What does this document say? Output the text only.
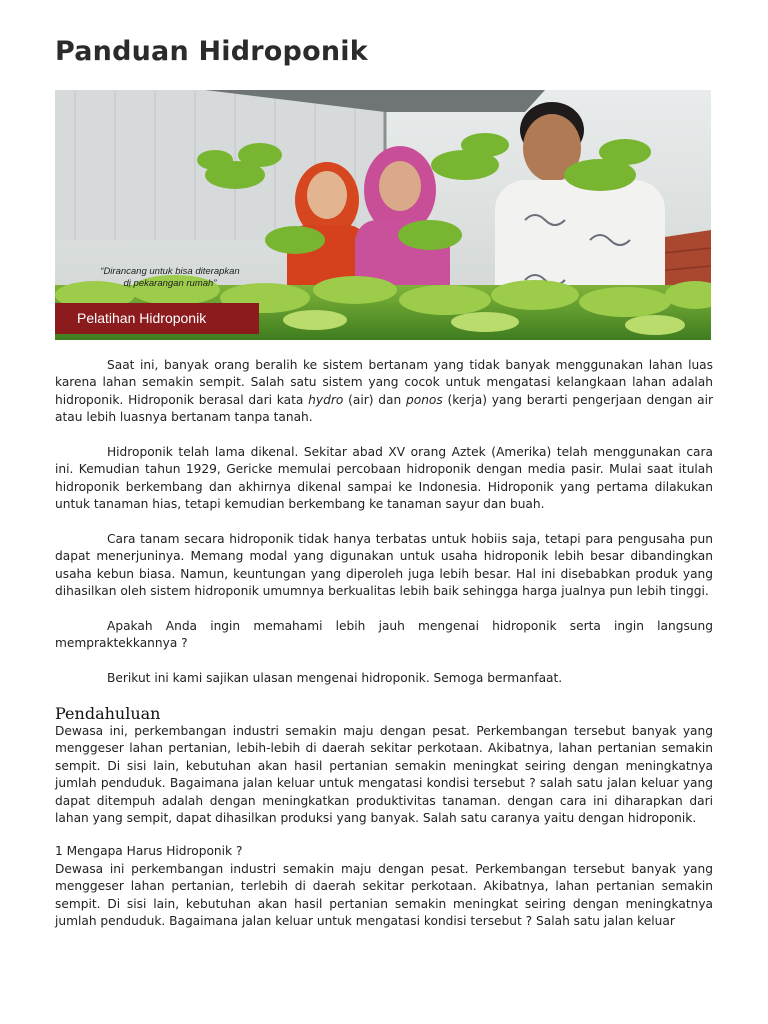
Panduan Hidroponik
“Dirancang untuk bisa diterapkan
di pekarangan rumah”
Pelatihan Hidroponik

Saat ini, banyak orang beralih ke sistem bertanam yang tidak banyak menggunakan lahan luas karena lahan semakin sempit. Salah satu sistem yang cocok untuk mengatasi kelangkaan lahan adalah hidroponik. Hidroponik berasal dari kata hydro (air) dan ponos (kerja) yang berarti pengerjaan dengan air atau lebih luasnya bertanam tanpa tanah.

Hidroponik telah lama dikenal. Sekitar abad XV orang Aztek (Amerika) telah menggunakan cara ini. Kemudian tahun 1929, Gericke memulai percobaan hidroponik dengan media pasir. Mulai saat itulah hidroponik berkembang dan akhirnya dikenal sampai ke Indonesia. Hidroponik yang pertama dilakukan untuk tanaman hias, tetapi kemudian berkembang ke tanaman sayur dan buah.

Cara tanam secara hidroponik tidak hanya terbatas untuk hobiis saja, tetapi para pengusaha pun dapat menerjuninya. Memang modal yang digunakan untuk usaha hidroponik lebih besar dibandingkan usaha kebun biasa. Namun, keuntungan yang diperoleh juga lebih besar. Hal ini disebabkan produk yang dihasilkan oleh sistem hidroponik umumnya berkualitas lebih baik sehingga harga jualnya pun lebih tinggi.

Apakah Anda ingin memahami lebih jauh mengenai hidroponik serta ingin langsung mempraktekkannya ?

Berikut ini kami sajikan ulasan mengenai hidroponik. Semoga bermanfaat.

Pendahuluan

Dewasa ini, perkembangan industri semakin maju dengan pesat. Perkembangan tersebut banyak yang menggeser lahan pertanian, lebih-lebih di daerah sekitar perkotaan. Akibatnya, lahan pertanian semakin sempit. Di sisi lain, kebutuhan akan hasil pertanian semakin meningkat seiring dengan meningkatnya jumlah penduduk. Bagaimana jalan keluar untuk mengatasi kondisi tersebut ? salah satu jalan keluar yang dapat ditempuh adalah dengan meningkatkan produktivitas tanaman. dengan cara ini diharapkan dari lahan yang sempit, dapat dihasilkan produksi yang banyak. Salah satu caranya yaitu dengan hidroponik.

1 Mengapa Harus Hidroponik ?

Dewasa ini perkembangan industri semakin maju dengan pesat. Perkembangan tersebut banyak yang menggeser lahan pertanian, terlebih di daerah sekitar perkotaan. Akibatnya, lahan pertanian semakin sempit. Di sisi lain, kebutuhan akan hasil pertanian semakin meningkat seiring dengan meningkatnya jumlah penduduk. Bagaimana jalan keluar untuk mengatasi kondisi tersebut ? Salah satu jalan keluar
